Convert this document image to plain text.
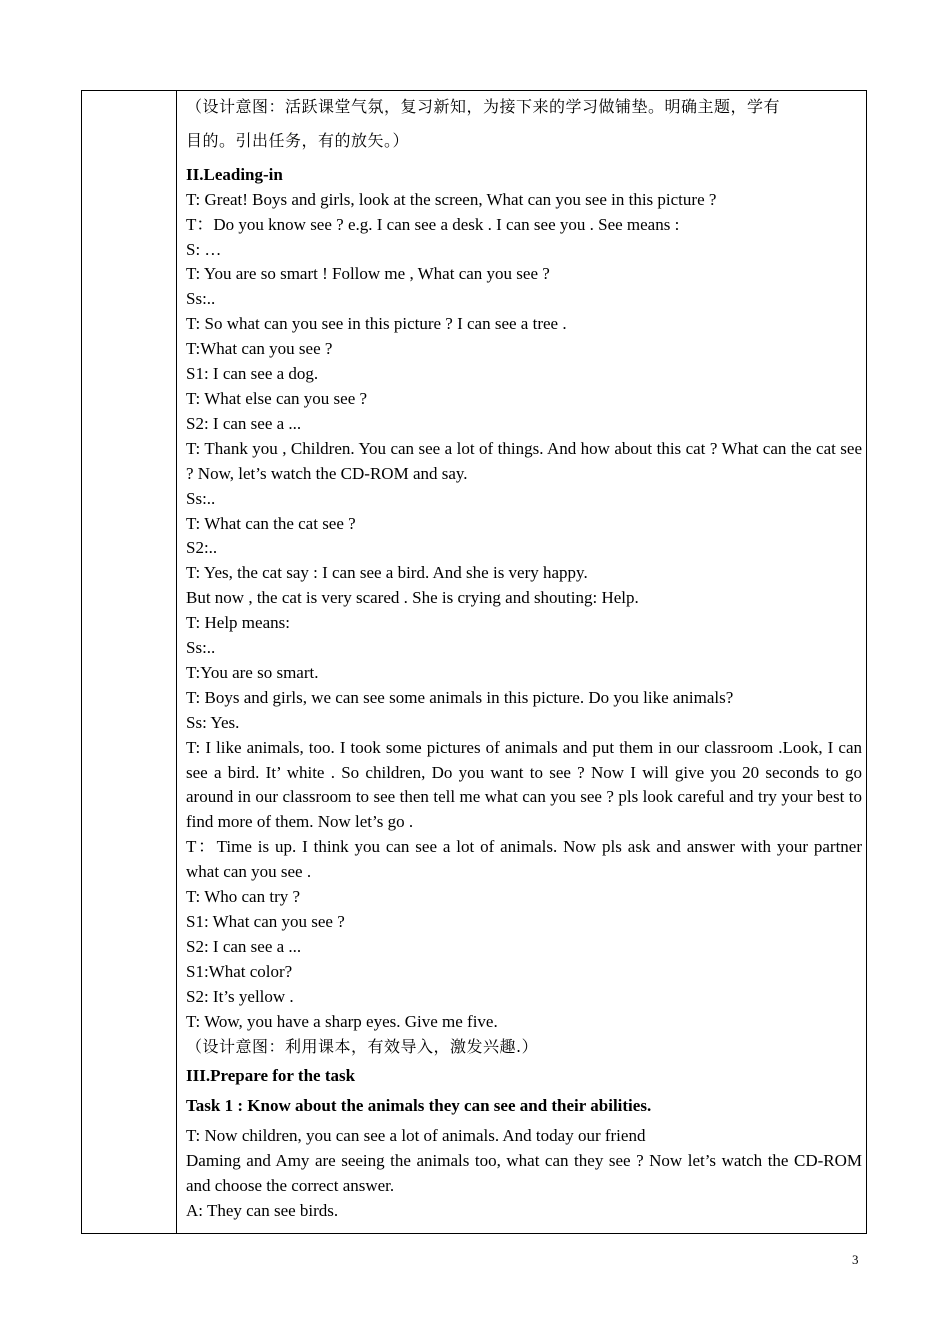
（设计意图：活跃课堂气氛，复习新知，为接下来的学习做铺垫。明确主题，学有
目的。引出任务，有的放矢。）
II.Leading-in
T: Great! Boys and girls, look at the screen, What can you see in this picture ?
T：Do you know see ? e.g. I can see a desk . I can see you . See means :
S: …
T: You are so smart ! Follow me , What can you see ?
Ss:..
T: So what can you see in this picture ? I can see a tree .
T:What can you see ?
S1: I can see a dog.
T: What else can you see ?
S2: I can see a ...
T: Thank you , Children. You can see a lot of things. And how about this cat ? What can the cat see ? Now, let’s watch the CD-ROM and say.
Ss:..
T: What can the cat see ?
S2:..
T: Yes, the cat say : I can see a bird. And she is very happy.
But now , the cat is very scared . She is crying and shouting: Help.
T: Help means:
Ss:..
T:You are so smart.
T: Boys and girls, we can see some animals in this picture. Do you like animals?
Ss: Yes.
T: I like animals, too. I took some pictures of animals and put them in our classroom .Look, I can see a bird. It’ white . So children, Do you want to see ? Now I will give you 20 seconds to go around in our classroom to see then tell me what can you see ? pls look careful and try your best to find more of them. Now let’s go .
T：Time is up. I think you can see a lot of animals. Now pls ask and answer with your partner what can you see .
T: Who can try ?
S1: What can you see ?
S2: I can see a ...
S1:What color?
S2: It’s yellow .
T: Wow, you have a sharp eyes. Give me five.
（设计意图：利用课本，有效导入，激发兴趣.）
III.Prepare for the task
Task 1 : Know about the animals they can see and their abilities.
T: Now children, you can see a lot of animals. And today our friend
Daming and Amy are seeing the animals too, what can they see ? Now let’s watch the CD-ROM and choose the correct answer.
A: They can see birds.
3
